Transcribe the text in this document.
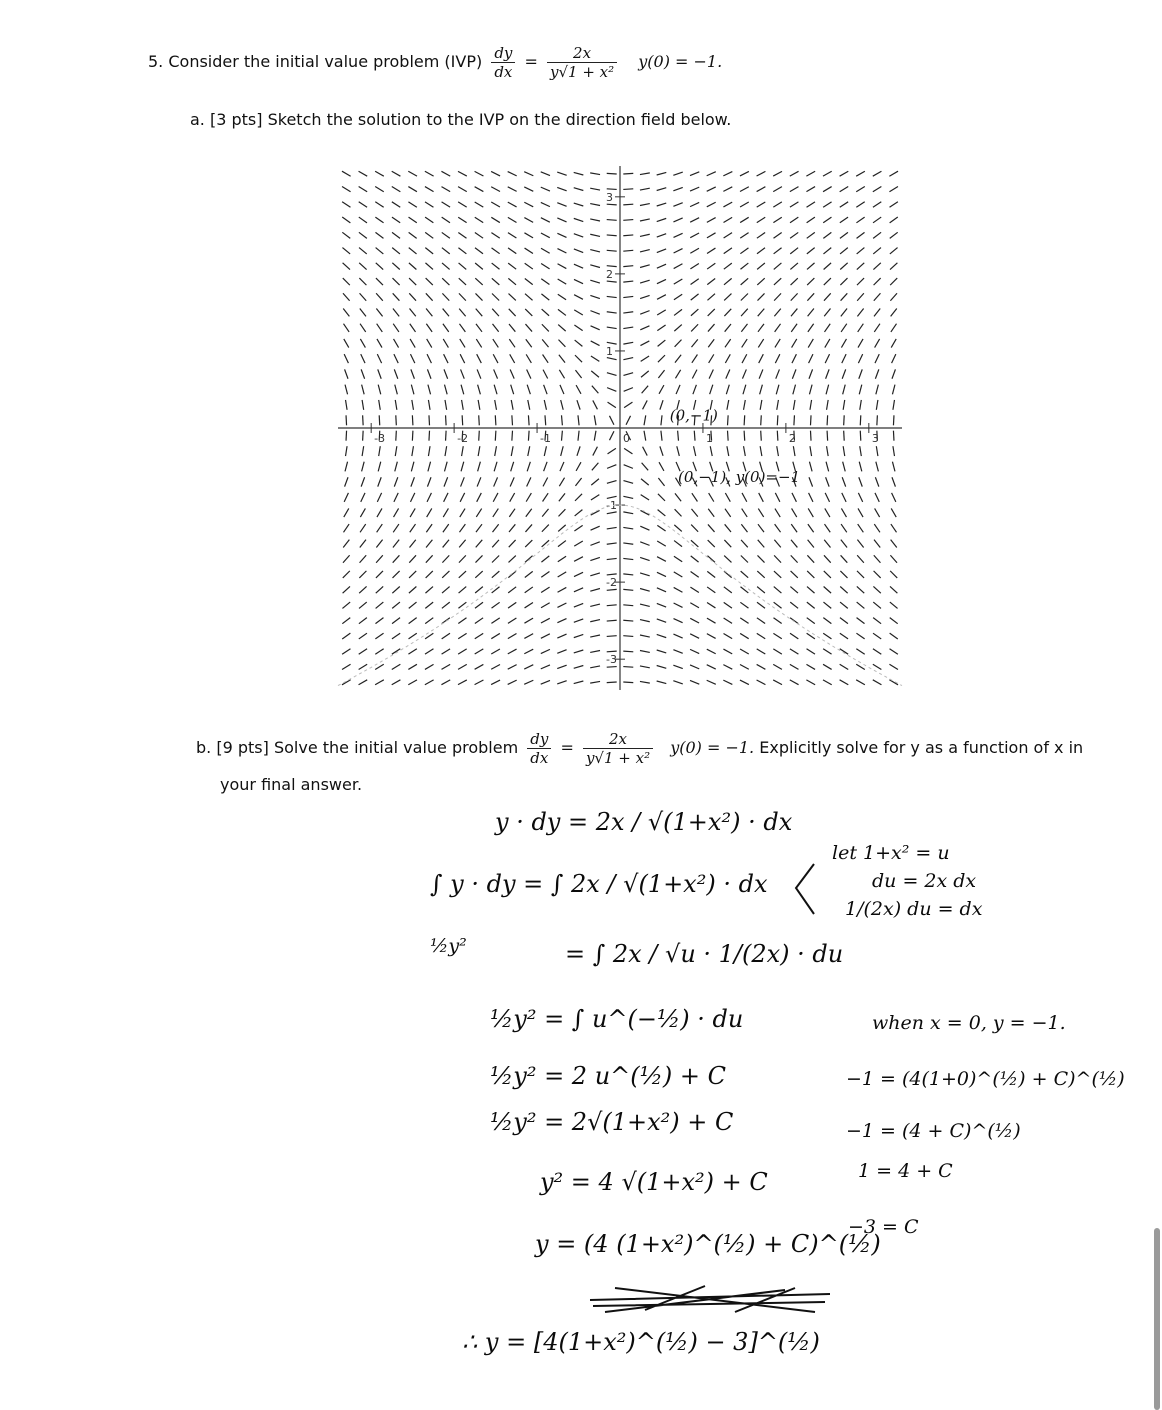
5. Consider the initial value problem $(IVP) \frac{dy}{dx} = \frac{2x}{\text{y√1 + x²}} y(0) = -1$.
a. [3 pts] Sketch the solution to the IVP on the direction field below.
-3	-2	-1	0	1	2	3
3
2
1
-1
-2
-3
(0,−1)
(0,−1), y(0)=−1
b. [9 pts] Solve the initial value problem $\frac{dy}{dx} = \frac{2x}{\text{y√1 + x²}} y(0) = -1$. Explicitly solve for y as a function of x in
your final answer.
y · dy = 2x / √(1+x²) · dx
∫ y · dy = ∫ 2x / √(1+x²) · dx
½y²	= ∫ 2x / √u · 1/(2x) · du
½y² = ∫ u^(−½) · du
½y² = 2 u^(½) + C
½y² = 2√(1+x²) + C
y² = 4 √(1+x²) + C
y = (4 (1+x²)^(½) + C)^(½)
∴ y = [4(1+x²)^(½) − 3]^(½)
let 1+x² = u
du = 2x dx
1/(2x) du = dx
when x = 0, y = −1.
−1 = (4(1+0)^(½) + C)^(½)
−1 = (4 + C)^(½)
1 = 4 + C
−3 = C
